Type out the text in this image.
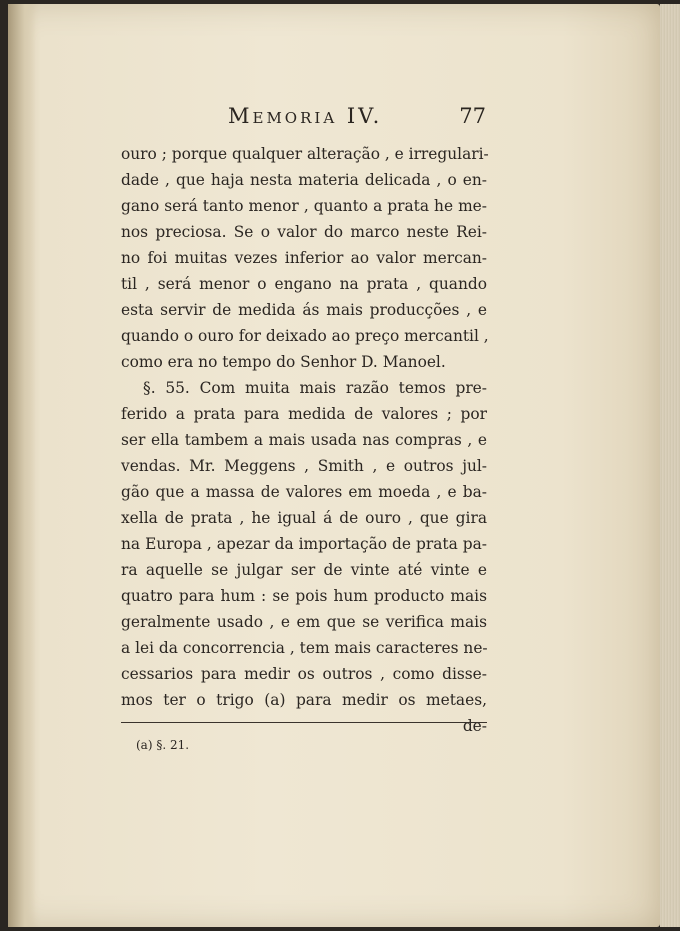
Memoria IV.	77
ouro ; porque qualquer alteração , e irregulari-
dade , que haja nesta materia delicada , o en-
gano será tanto menor , quanto a prata he me-
nos preciosa. Se o valor do marco neste Rei-
no foi muitas vezes inferior ao valor mercan-
til , será menor o engano na prata , quando
esta servir de medida ás mais producções , e
quando o ouro for deixado ao preço mercantil ,
como era no tempo do Senhor D. Manoel.
§. 55. Com muita mais razão temos pre-
ferido a prata para medida de valores ; por
ser ella tambem a mais usada nas compras , e
vendas. Mr. Meggens , Smith , e outros jul-
gão que a massa de valores em moeda , e ba-
xella de prata , he igual á de ouro , que gira
na Europa , apezar da importação de prata pa-
ra aquelle se julgar ser de vinte até vinte e
quatro para hum : se pois hum producto mais
geralmente usado , e em que se verifica mais
a lei da concorrencia , tem mais caracteres ne-
cessarios para medir os outros , como disse-
mos ter o trigo (a) para medir os metaes,
de-
(a) §. 21.
